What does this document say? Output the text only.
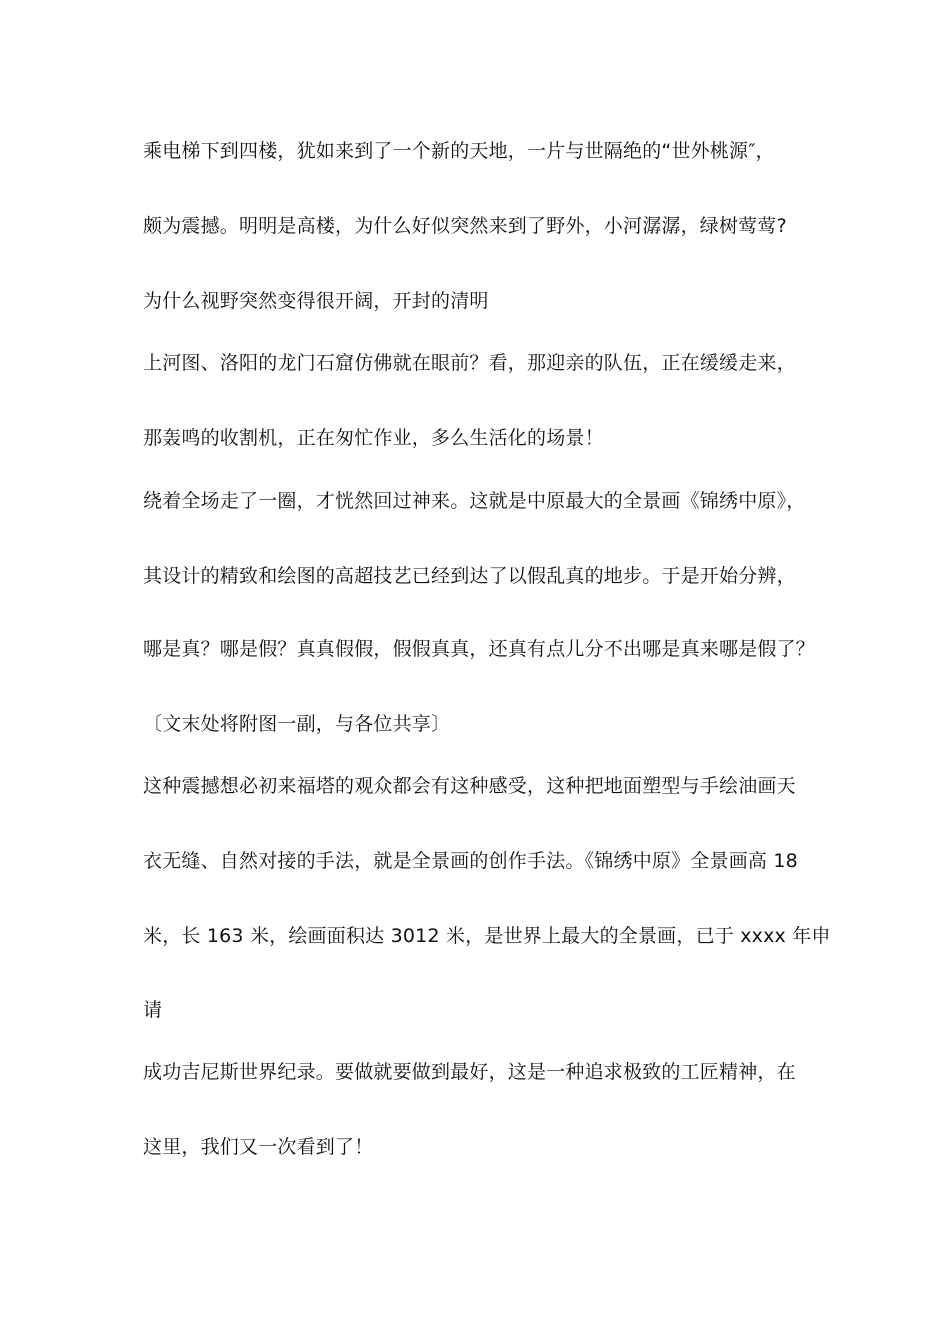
乘电梯下到四楼，犹如来到了一个新的天地，一片与世隔绝的“世外桃源″，
颇为震撼。明明是高楼，为什么好似突然来到了野外，小河潺潺，绿树莺莺?
为什么视野突然变得很开阔，开封的清明
上河图、洛阳的龙门石窟仿佛就在眼前？看，那迎亲的队伍，正在缓缓走来，
那轰鸣的收割机，正在匆忙作业，多么生活化的场景！
绕着全场走了一圈，才恍然回过神来。这就是中原最大的全景画《锦绣中原》，
其设计的精致和绘图的高超技艺已经到达了以假乱真的地步。于是开始分辨，
哪是真？哪是假？真真假假，假假真真，还真有点儿分不出哪是真来哪是假了？
〔文末处将附图一副，与各位共享〕
这种震撼想必初来福塔的观众都会有这种感受，这种把地面塑型与手绘油画天
衣无缝、自然对接的手法，就是全景画的创作手法。《锦绣中原》全景画高 18
米，长 163 米，绘画面积达 3012 米，是世界上最大的全景画，已于 xxxx 年申
请
成功吉尼斯世界纪录。要做就要做到最好，这是一种追求极致的工匠精神，在
这里，我们又一次看到了！
